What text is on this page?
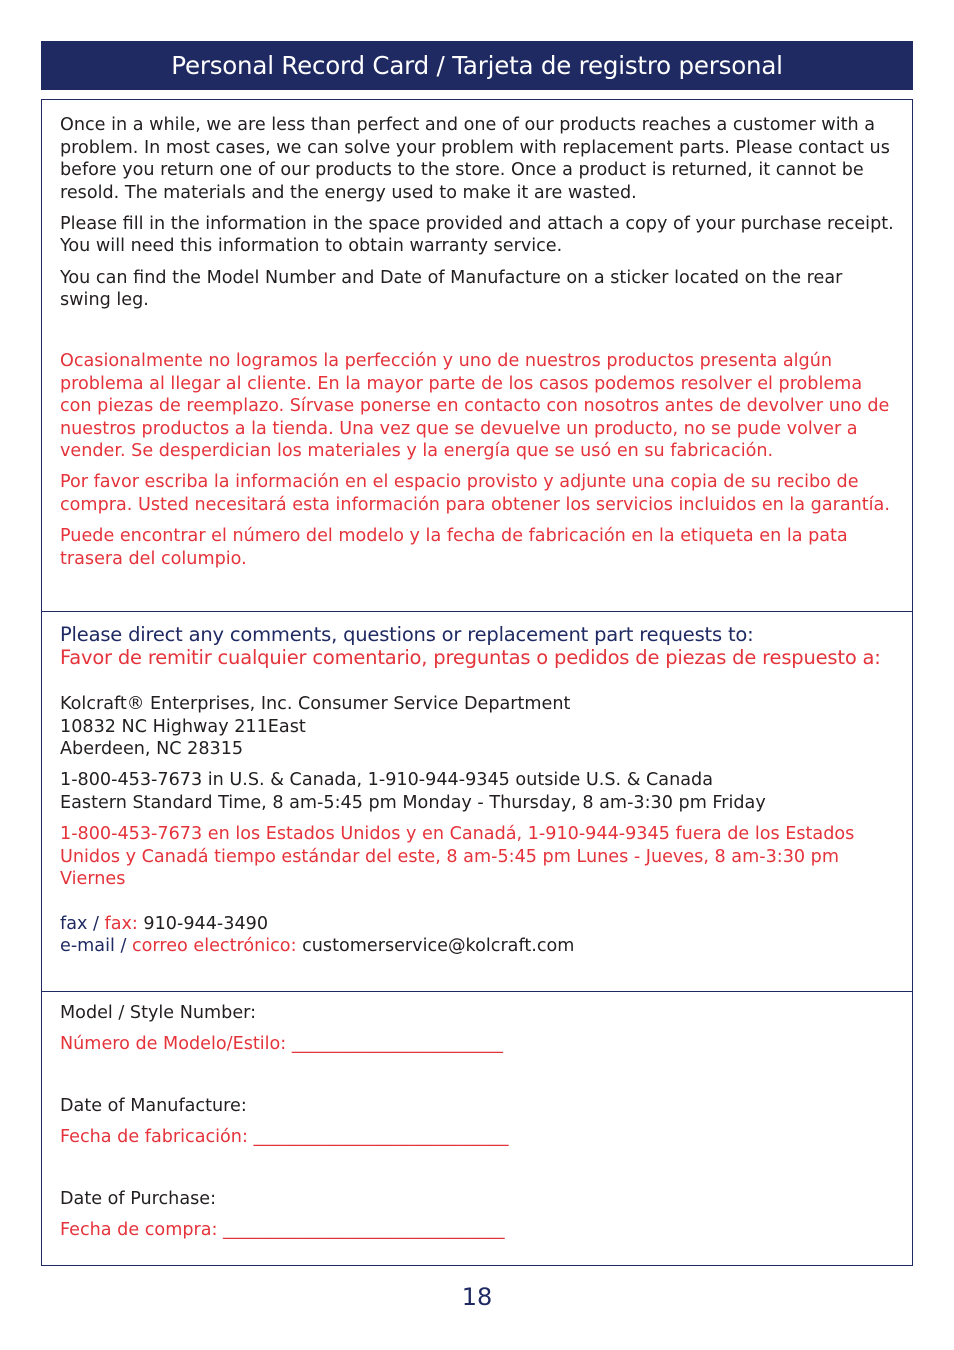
Personal Record Card / Tarjeta de registro personal

Once in a while, we are less than perfect and one of our products reaches a customer with a problem. In most cases, we can solve your problem with replacement parts. Please contact us before you return one of our products to the store. Once a product is returned, it cannot be resold. The materials and the energy used to make it are wasted.

Please fill in the information in the space provided and attach a copy of your purchase receipt. You will need this information to obtain warranty service.

You can find the Model Number and Date of Manufacture on a sticker located on the rear swing leg.

Ocasionalmente no logramos la perfección y uno de nuestros productos presenta algún problema al llegar al cliente. En la mayor parte de los casos podemos resolver el problema con piezas de reemplazo. Sírvase ponerse en contacto con nosotros antes de devolver uno de nuestros productos a la tienda. Una vez que se devuelve un producto, no se pude volver a vender. Se desperdician los materiales y la energía que se usó en su fabricación.

Por favor escriba la información en el espacio provisto y adjunte una copia de su recibo de compra. Usted necesitará esta información para obtener los servicios incluidos en la garantía.

Puede encontrar el número del modelo y la fecha de fabricación en la etiqueta en la pata trasera del columpio.

Please direct any comments, questions or replacement part requests to:
Favor de remitir cualquier comentario, preguntas o pedidos de piezas de respuesto a:

Kolcraft® Enterprises, Inc. Consumer Service Department
10832 NC Highway 211East
Aberdeen, NC 28315

1-800-453-7673 in U.S. & Canada, 1-910-944-9345 outside U.S. & Canada
Eastern Standard Time, 8 am-5:45 pm Monday - Thursday, 8 am-3:30 pm Friday

1-800-453-7673 en los Estados Unidos y en Canadá, 1-910-944-9345 fuera de los Estados Unidos y Canadá tiempo estándar del este, 8 am-5:45 pm Lunes - Jueves, 8 am-3:30 pm Viernes

fax / fax: 910-944-3490

e-mail / correo electrónico: customerservice@kolcraft.com

Model / Style Number:

Número de Modelo/Estilo: ________________________

Date of Manufacture:

Fecha de fabricación: _____________________________

Date of Purchase:

Fecha de compra: ________________________________

18
